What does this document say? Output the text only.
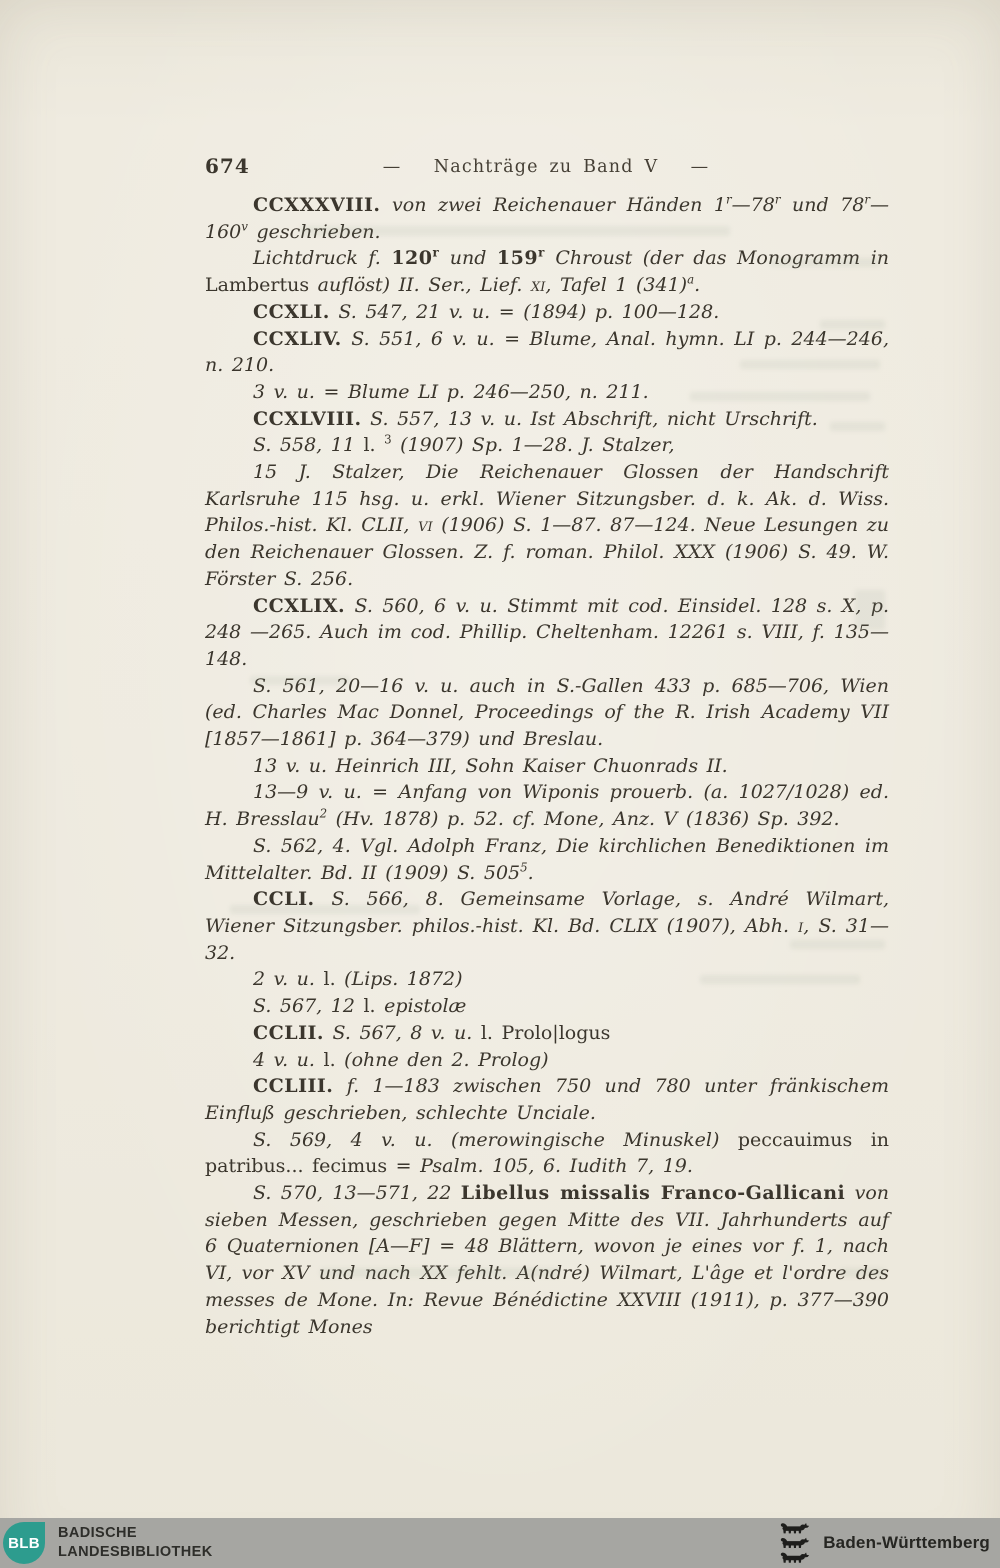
674	—   Nachträge zu Band V   —

CCXXXVIII. von zwei Reichenauer Händen 1$^r$—78$^r$ und 78$^r$—160$^v$ geschrieben.

Lichtdruck f. 120$^r$ und 159$^r$ Chroust (der das Monogramm in Lambertus auflöst) II. Ser., Lief. xi, Tafel 1 $(341)^a$.

CCXLI. S. 547, 21 v. u. = (1894) p. 100—128.

CCXLIV. S. 551, 6 v. u. = Blume, Anal. hymn. LI p. 244—246, n. 210.

3 v. u. = Blume LI p. 246—250, n. 211.

CCXLVIII. S. 557, 13 v. u. Ist Abschrift, nicht Urschrift.

S. 558, 11 l. $^3$ (1907) Sp. 1—28. J. Stalzer,

15 J. Stalzer, Die Reichenauer Glossen der Handschrift Karlsruhe 115 hsg. u. erkl. Wiener Sitzungsber. d. k. Ak. d. Wiss. Philos.-hist. Kl. CLII, vi (1906) S. 1—87. 87—124. Neue Lesungen zu den Reichenauer Glossen. Z. f. roman. Philol. XXX (1906) S. 49. W. Förster S. 256.

CCXLIX. S. 560, 6 v. u. Stimmt mit cod. Einsidel. 128 s. X, p. 248 —265. Auch im cod. Phillip. Cheltenham. 12261 s. VIII, f. 135—148.

S. 561, 20—16 v. u. auch in S.-Gallen 433 p. 685—706, Wien (ed. Charles Mac Donnel, Proceedings of the R. Irish Academy VII [1857—1861] p. 364—379) und Breslau.

13 v. u. Heinrich III, Sohn Kaiser Chuonrads II.

13—9 v. u. = Anfang von Wiponis prouerb. (a. 1027/1028) ed. H. Bresslau$^2$ (Hv. 1878) p. 52. cf. Mone, Anz. V (1836) Sp. 392.

S. 562, 4. Vgl. Adolph Franz, Die kirchlichen Benediktionen im Mittelalter. Bd. II (1909) S. $505^5$.

CCLI. S. 566, 8. Gemeinsame Vorlage, s. André Wilmart, Wiener Sitzungsber. philos.-hist. Kl. Bd. CLIX (1907), Abh. i, S. 31—32.

2 v. u. l. (Lips. 1872)

S. 567, 12 l. epistolæ

CCLII. S. 567, 8 v. u. l. Prolo|logus

4 v. u. l. (ohne den 2. Prolog)

CCLIII. f. 1—183 zwischen 750 und 780 unter fränkischem Einfluß geschrieben, schlechte Unciale.

S. 569, 4 v. u. (merowingische Minuskel) peccauimus in patribus... fecimus = Psalm. 105, 6. Iudith 7, 19.

S. 570, 13—571, 22 Libellus missalis Franco-Gallicani von sieben Messen, geschrieben gegen Mitte des VII. Jahrhunderts auf 6 Quaternionen [A—F] = 48 Blättern, wovon je eines vor f. 1, nach VI, vor XV und nach XX fehlt. A(ndré) Wilmart, L'âge et l'ordre des messes de Mone. In: Revue Bénédictine XXVIII (1911), p. 377—390 berichtigt Mones

BLB
BADISCHE
LANDESBIBLIOTHEK	Baden-Württemberg
